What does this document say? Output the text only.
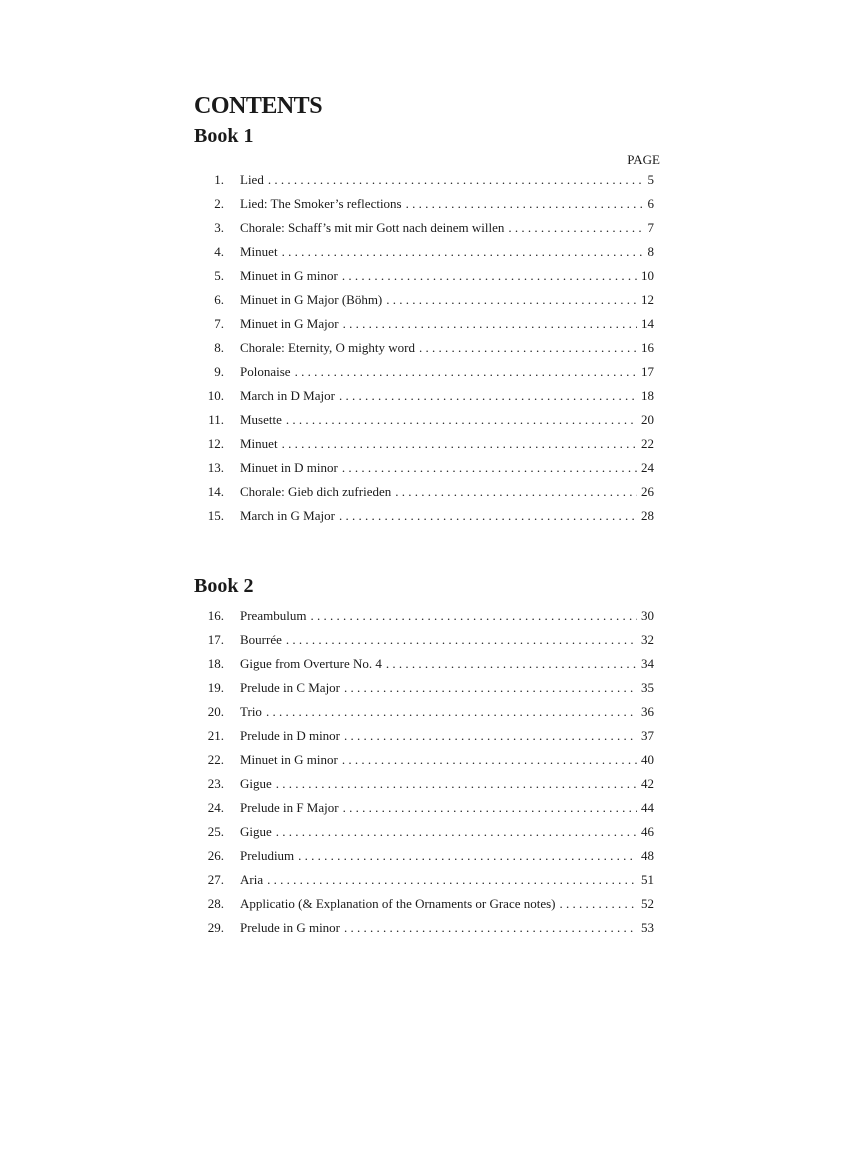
CONTENTS
Book 1
PAGE
1. Lied . . .	5
2. Lied: The Smoker’s reflections . . .	6
3. Chorale: Schaff’s mit mir Gott nach deinem willen . . .	7
4. Minuet . . .	8
5. Minuet in G minor . . .	10
6. Minuet in G Major (Böhm) . . .	12
7. Minuet in G Major . . .	14
8. Chorale: Eternity, O mighty word . . .	16
9. Polonaise . . .	17
10. March in D Major . . .	18
11. Musette . . .	20
12. Minuet . . .	22
13. Minuet in D minor . . .	24
14. Chorale: Gieb dich zufrieden . . .	26
15. March in G Major . . .	28
Book 2
16. Preambulum . . .	30
17. Bourrée . . .	32
18. Gigue from Overture No. 4 . . .	34
19. Prelude in C Major . . .	35
20. Trio . . .	36
21. Prelude in D minor . . .	37
22. Minuet in G minor . . .	40
23. Gigue . . .	42
24. Prelude in F Major . . .	44
25. Gigue . . .	46
26. Preludium . . .	48
27. Aria . . .	51
28. Applicatio (& Explanation of the Ornaments or Grace notes) . . .	52
29. Prelude in G minor . . .	53
